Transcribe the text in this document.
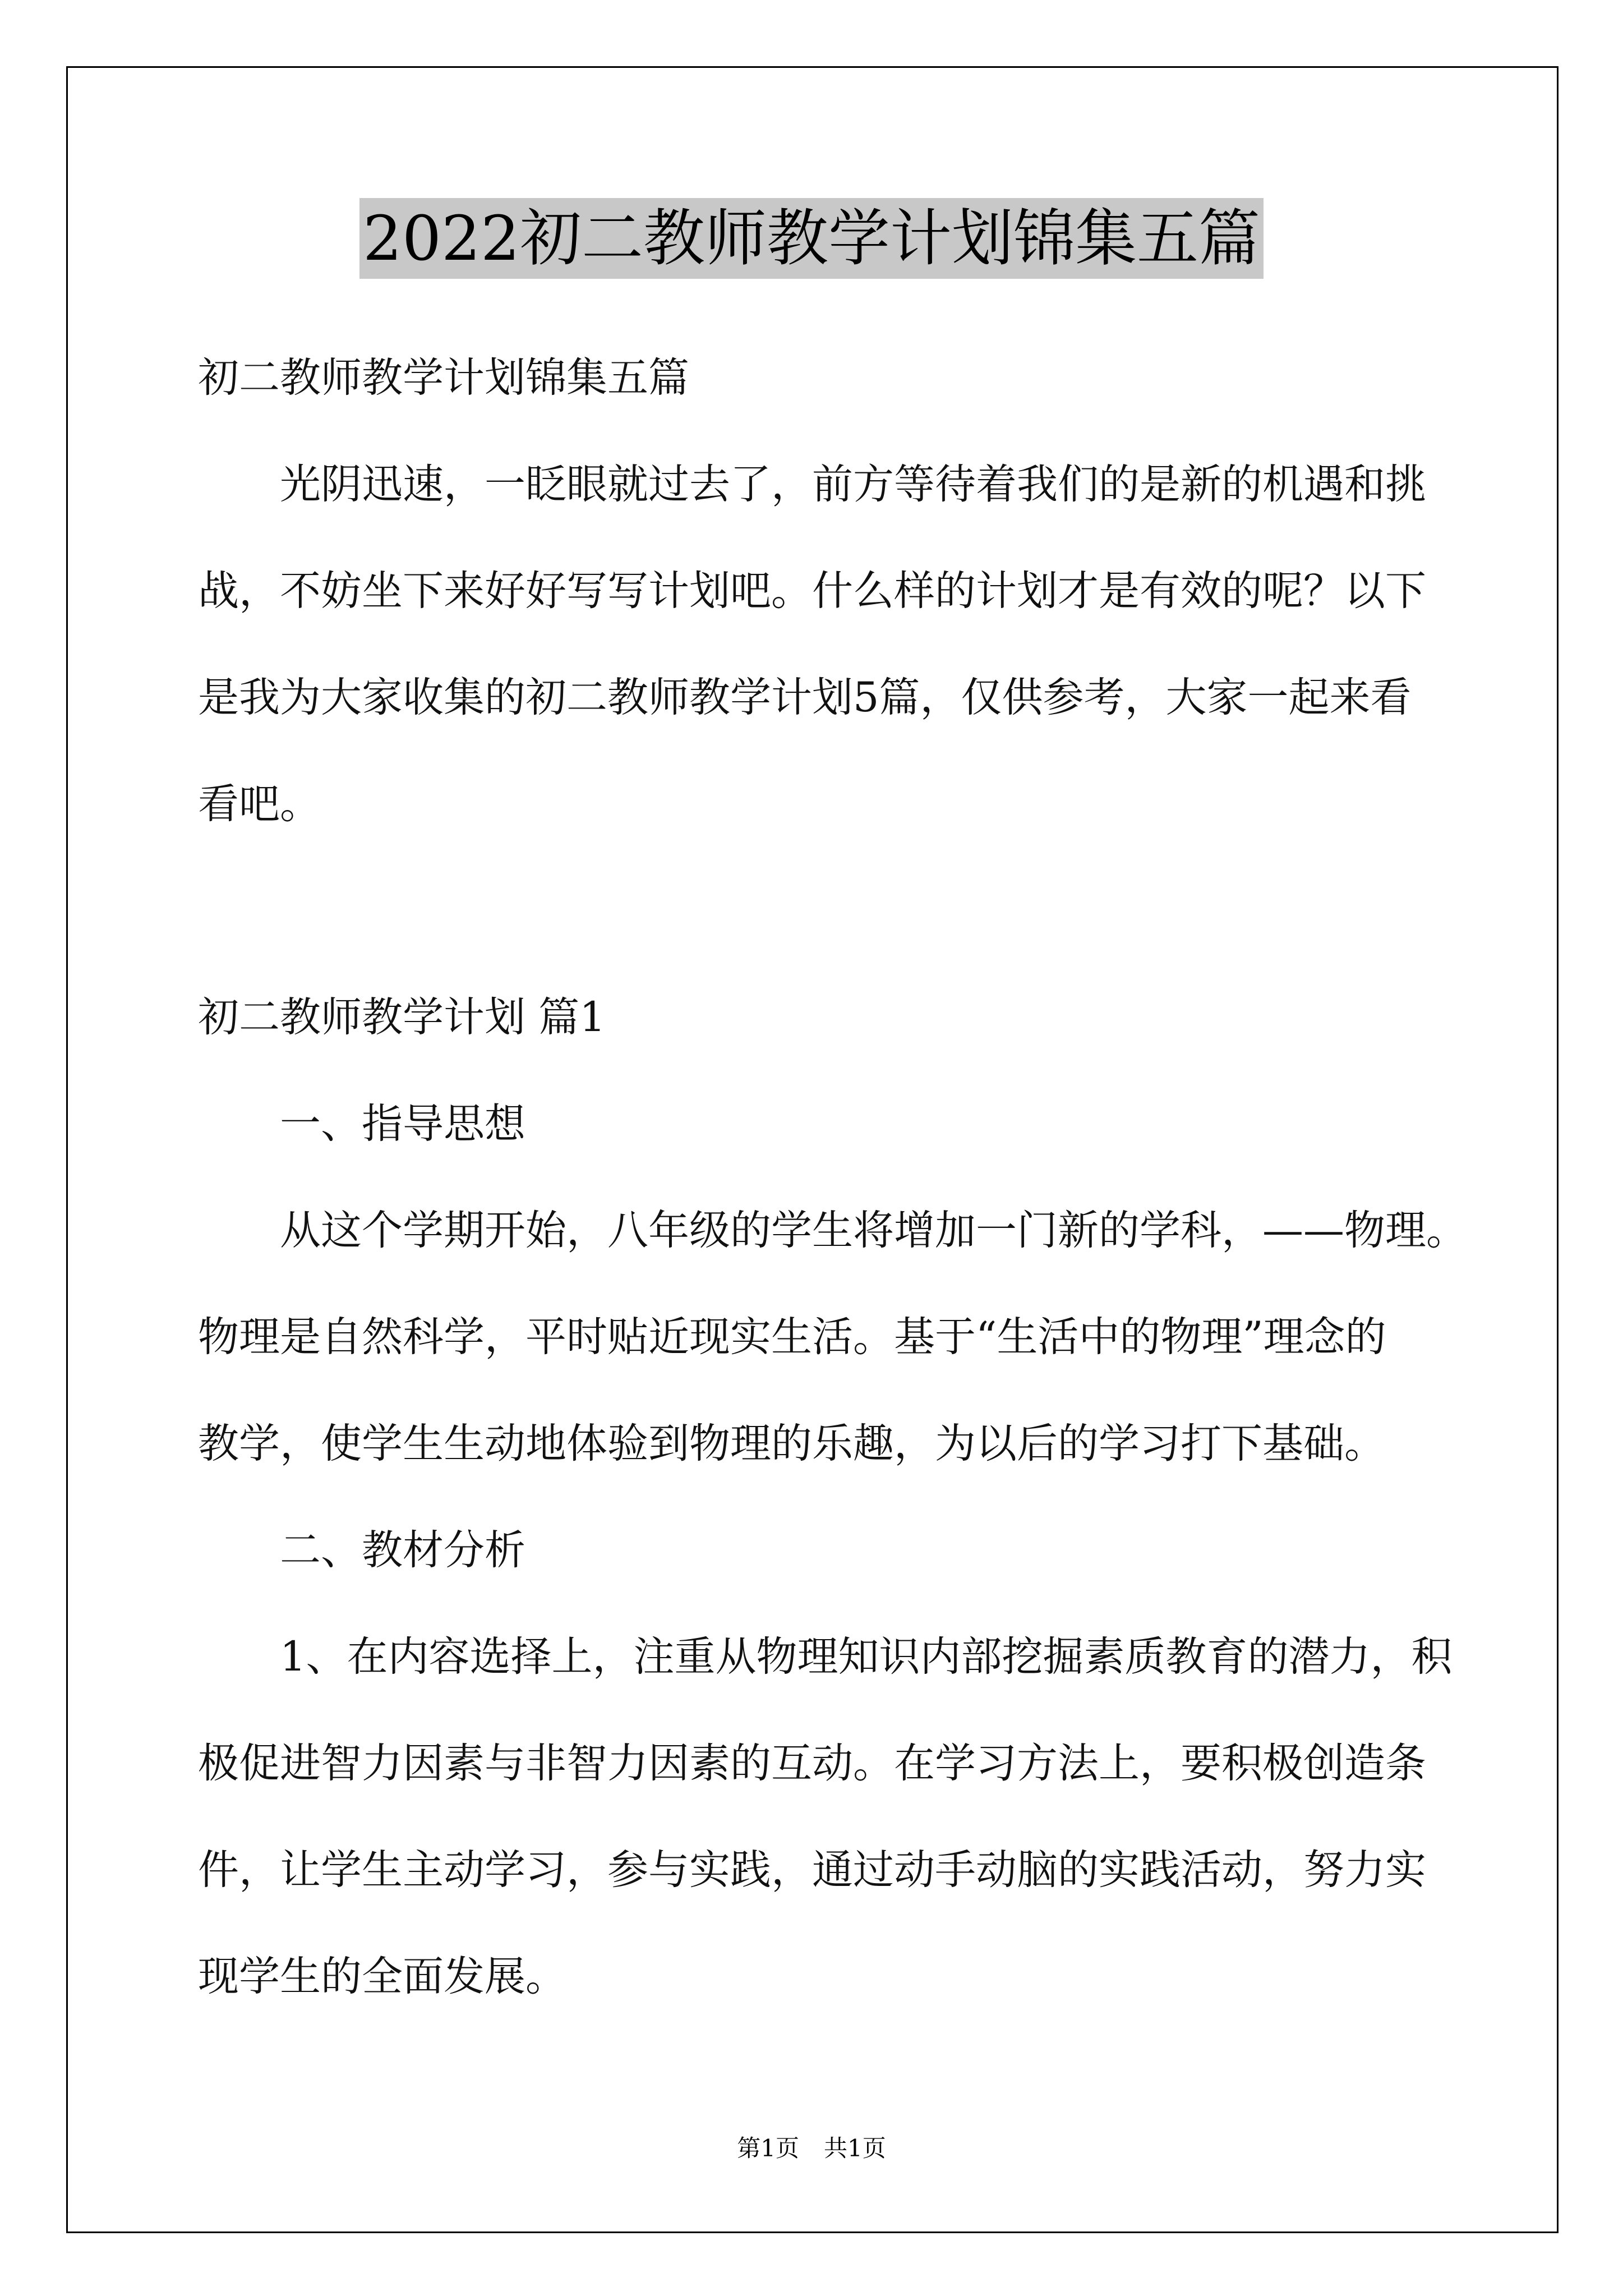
2022初二教师教学计划锦集五篇
初二教师教学计划锦集五篇
光阴迅速，一眨眼就过去了，前方等待着我们的是新的机遇和挑
战，不妨坐下来好好写写计划吧。什么样的计划才是有效的呢？以下
是我为大家收集的初二教师教学计划5篇，仅供参考，大家一起来看
看吧。
初二教师教学计划 篇1
一、指导思想
从这个学期开始，八年级的学生将增加一门新的学科，——物理。
物理是自然科学，平时贴近现实生活。基于“生活中的物理”理念的
教学，使学生生动地体验到物理的乐趣，为以后的学习打下基础。
二、教材分析
1、在内容选择上，注重从物理知识内部挖掘素质教育的潜力，积
极促进智力因素与非智力因素的互动。在学习方法上，要积极创造条
件，让学生主动学习，参与实践，通过动手动脑的实践活动，努力实
现学生的全面发展。
第1页 共1页
